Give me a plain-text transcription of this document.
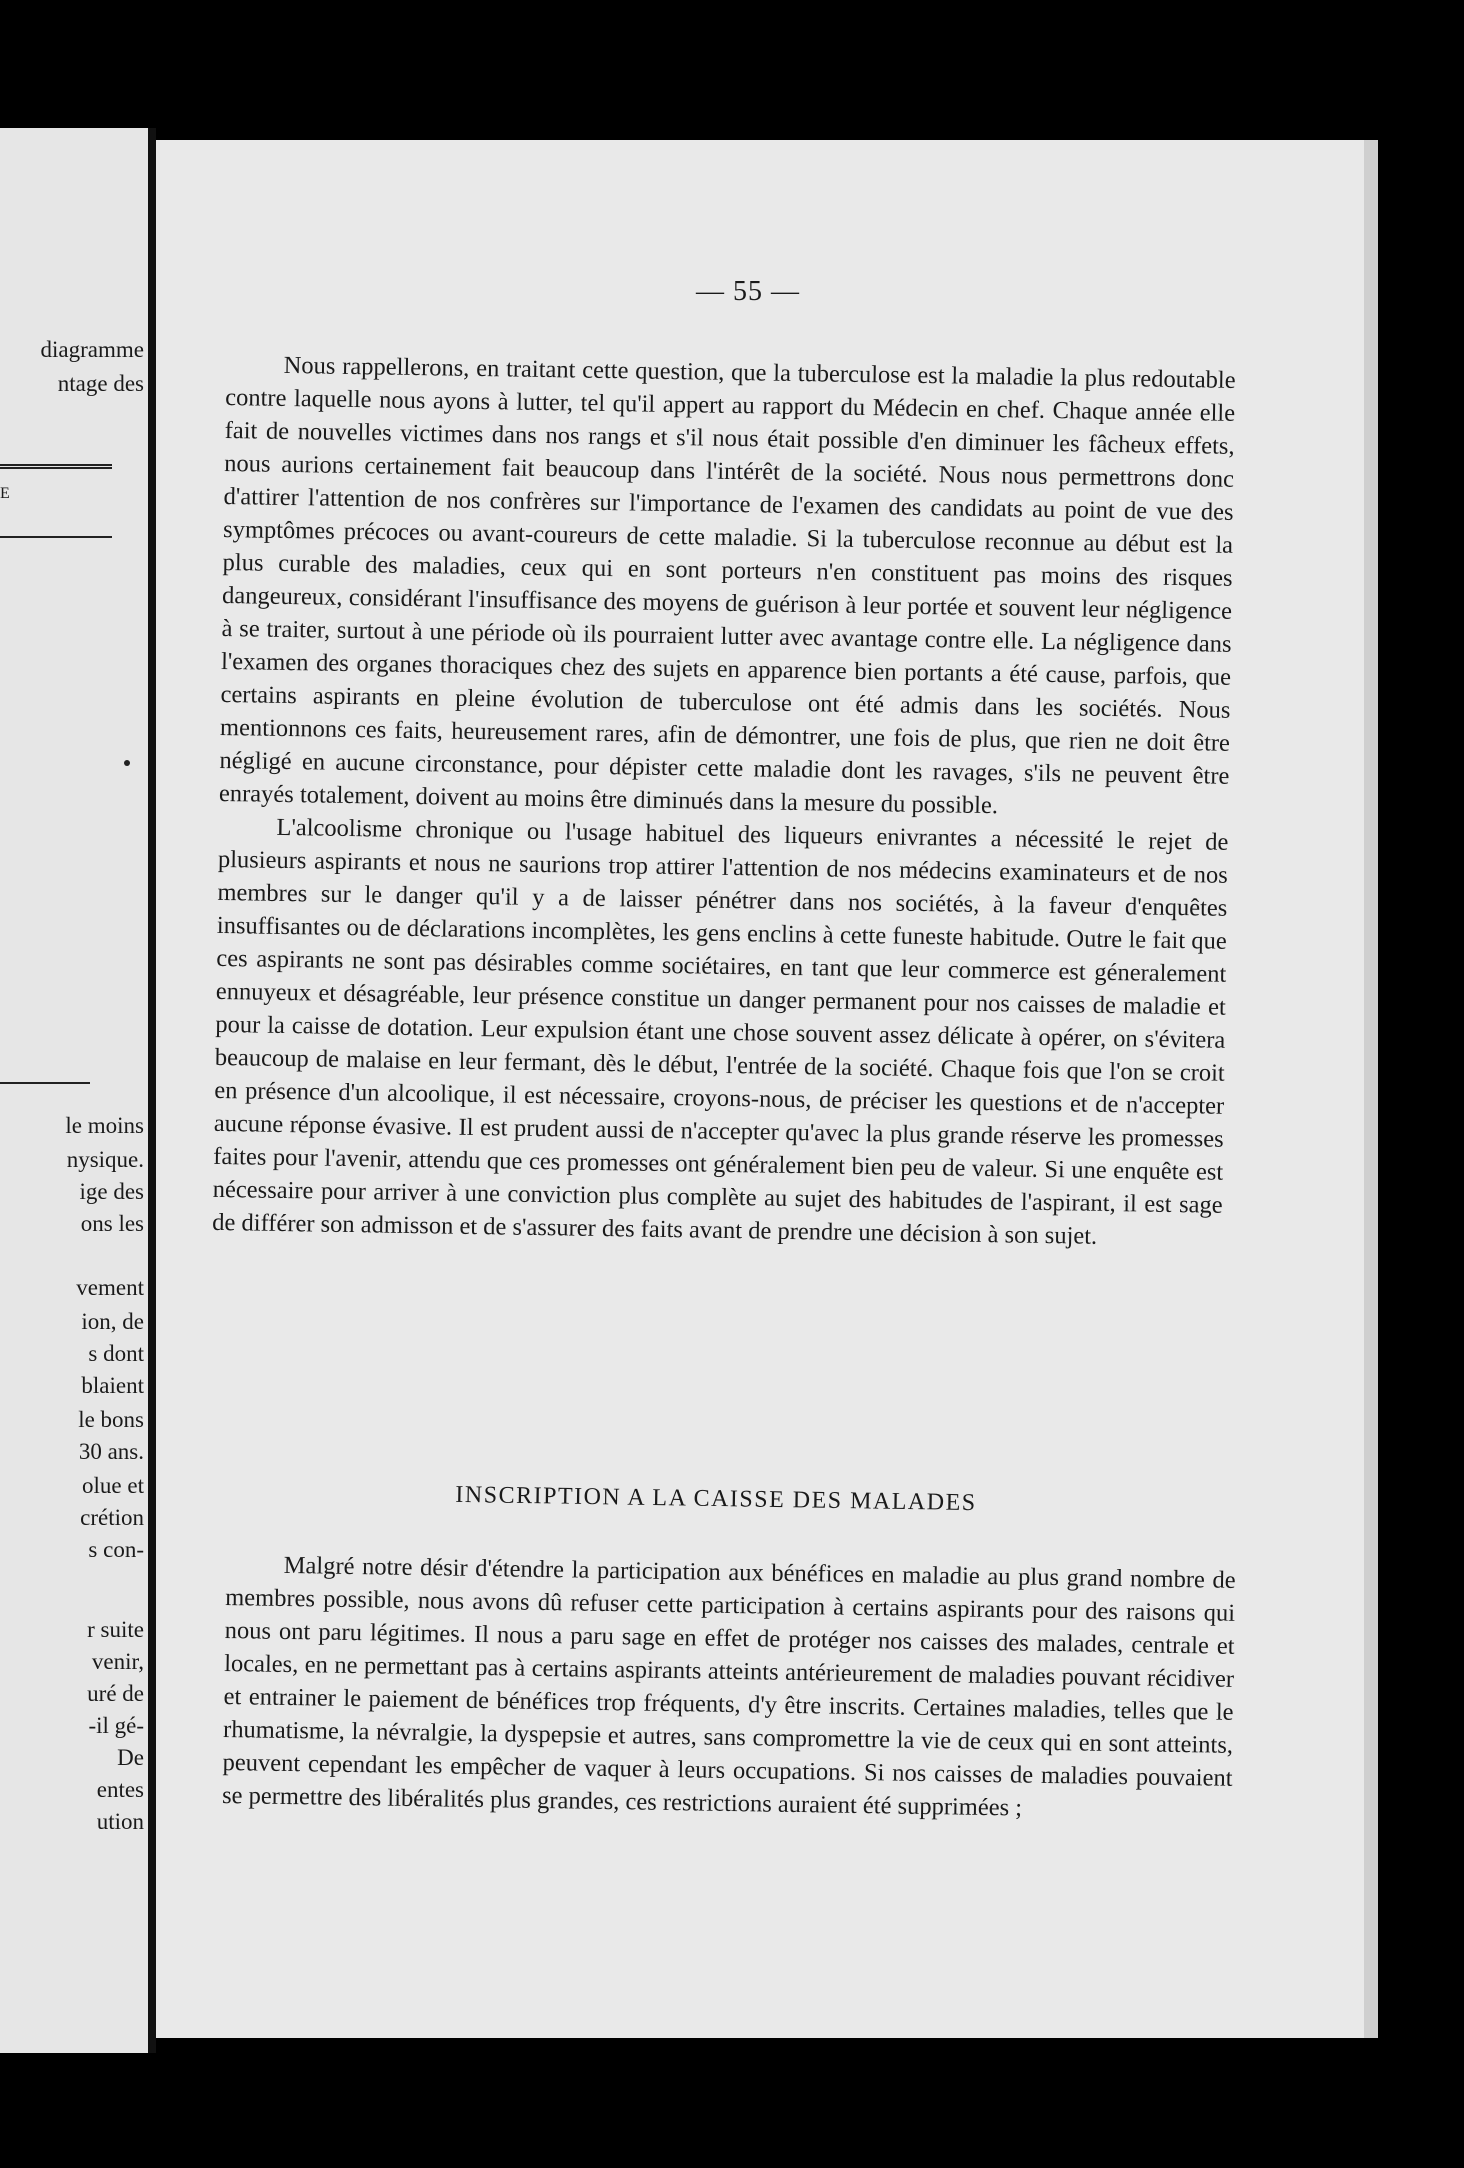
diagramme
ntage des
E
le moins
nysique.
ige des
ons les
vement
ion, de
s dont
blaient
le bons
30 ans.
olue et
crétion
s con-
r suite
venir,
uré de
-il gé-
De
entes
ution
— 55 —

Nous rappellerons, en traitant cette question, que la tuberculose est la maladie la plus redoutable contre laquelle nous ayons à lutter, tel qu'il appert au rapport du Médecin en chef. Chaque année elle fait de nouvelles victimes dans nos rangs et s'il nous était possible d'en diminuer les fâcheux effets, nous aurions certainement fait beaucoup dans l'intérêt de la société. Nous nous permettrons donc d'attirer l'attention de nos confrères sur l'importance de l'examen des candidats au point de vue des symptômes précoces ou avant-coureurs de cette maladie. Si la tuberculose reconnue au début est la plus curable des maladies, ceux qui en sont porteurs n'en constituent pas moins des risques dangeureux, considérant l'insuffisance des moyens de guérison à leur portée et souvent leur négligence à se traiter, surtout à une période où ils pourraient lutter avec avantage contre elle. La négligence dans l'examen des organes thoraciques chez des sujets en apparence bien portants a été cause, parfois, que certains aspirants en pleine évolution de tuberculose ont été admis dans les sociétés. Nous mentionnons ces faits, heureusement rares, afin de démontrer, une fois de plus, que rien ne doit être négligé en aucune circonstance, pour dépister cette maladie dont les ravages, s'ils ne peuvent être enrayés totalement, doivent au moins être diminués dans la mesure du possible.

L'alcoolisme chronique ou l'usage habituel des liqueurs enivrantes a nécessité le rejet de plusieurs aspirants et nous ne saurions trop attirer l'attention de nos médecins examinateurs et de nos membres sur le danger qu'il y a de laisser pénétrer dans nos sociétés, à la faveur d'enquêtes insuffisantes ou de déclarations incomplètes, les gens enclins à cette funeste habitude. Outre le fait que ces aspirants ne sont pas désirables comme sociétaires, en tant que leur commerce est géneralement ennuyeux et désagréable, leur présence constitue un danger permanent pour nos caisses de maladie et pour la caisse de dotation. Leur expulsion étant une chose souvent assez délicate à opérer, on s'évitera beaucoup de malaise en leur fermant, dès le début, l'entrée de la société. Chaque fois que l'on se croit en présence d'un alcoolique, il est nécessaire, croyons-nous, de préciser les questions et de n'accepter aucune réponse évasive. Il est prudent aussi de n'accepter qu'avec la plus grande réserve les promesses faites pour l'avenir, attendu que ces promesses ont généralement bien peu de valeur. Si une enquête est nécessaire pour arriver à une conviction plus complète au sujet des habitudes de l'aspirant, il est sage de différer son admisson et de s'assurer des faits avant de prendre une décision à son sujet.

INSCRIPTION A LA CAISSE DES MALADES

Malgré notre désir d'étendre la participation aux bénéfices en maladie au plus grand nombre de membres possible, nous avons dû refuser cette participation à certains aspirants pour des raisons qui nous ont paru légitimes. Il nous a paru sage en effet de protéger nos caisses des malades, centrale et locales, en ne permettant pas à certains aspirants atteints antérieurement de maladies pouvant récidiver et entrainer le paiement de bénéfices trop fréquents, d'y être inscrits. Certaines maladies, telles que le rhumatisme, la névralgie, la dyspepsie et autres, sans compromettre la vie de ceux qui en sont atteints, peuvent cependant les empêcher de vaquer à leurs occupations. Si nos caisses de maladies pouvaient se permettre des libéralités plus grandes, ces restrictions auraient été supprimées ;
